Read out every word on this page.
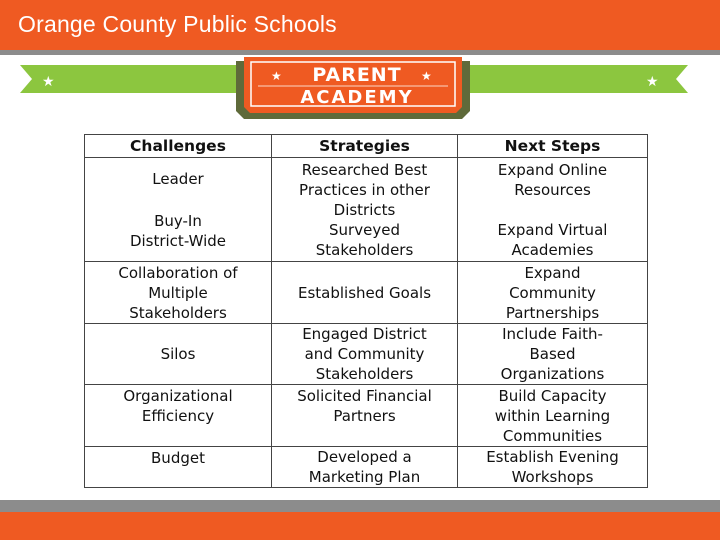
Orange County Public Schools
★	★
★	★
PARENT
ACADEMY
Challenges	Strategies	Next Steps

Leader
Buy-In
District-Wide	Researched Best
Practices in other
Districts
Surveyed
Stakeholders	Expand Online
Resources
Expand Virtual
Academies

Collaboration of
Multiple
Stakeholders	Established Goals	Expand
Community
Partnerships

Silos	Engaged District
and Community
Stakeholders	Include Faith-
Based
Organizations

Organizational
Efficiency	Solicited Financial
Partners	Build Capacity
within Learning
Communities

Budget	Developed a
Marketing Plan	Establish Evening
Workshops
